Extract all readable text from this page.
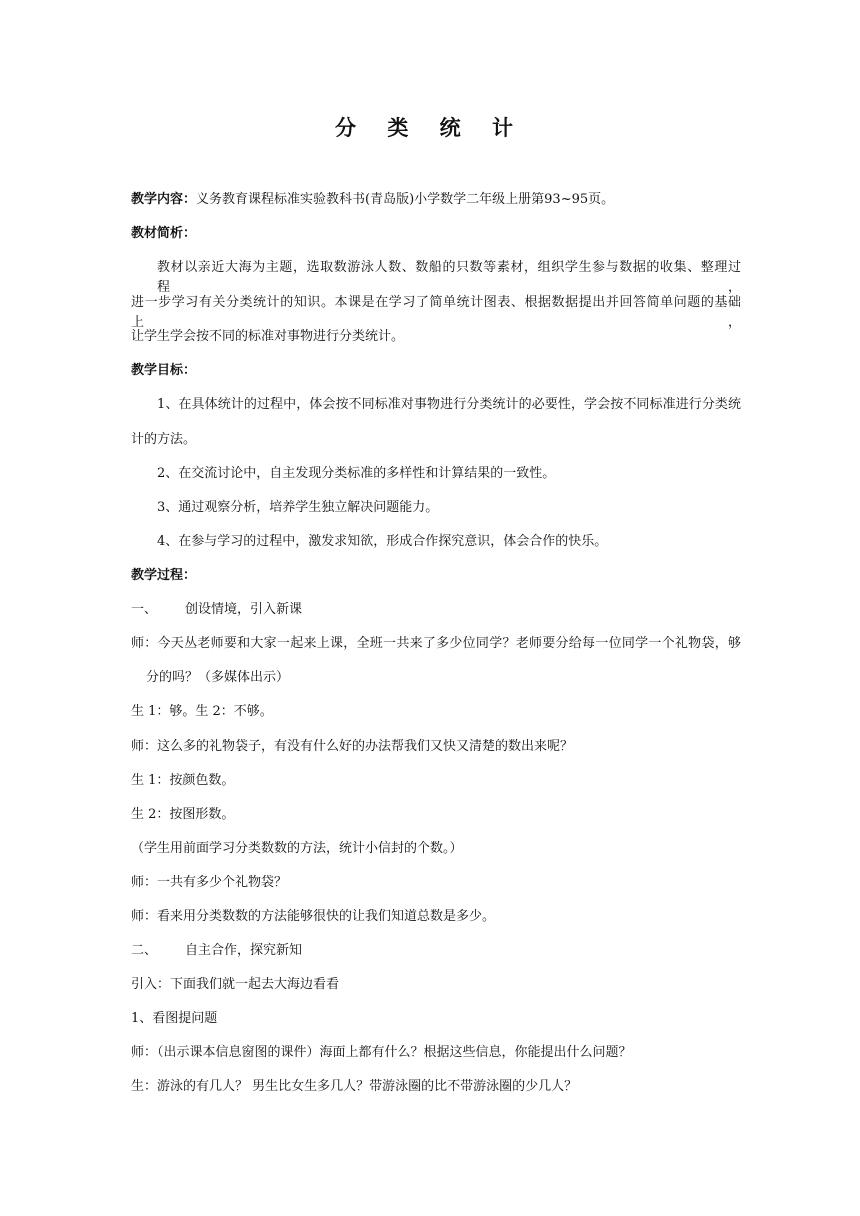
分 类 统 计
教学内容：义务教育课程标准实验教科书(青岛版)小学数学二年级上册第93~95页。
教材简析：
教材以亲近大海为主题，选取数游泳人数、数船的只数等素材，组织学生参与数据的收集、整理过程，
进一步学习有关分类统计的知识。本课是在学习了简单统计图表、根据数据提出并回答简单问题的基础上，
让学生学会按不同的标准对事物进行分类统计。
教学目标：
1、在具体统计的过程中，体会按不同标准对事物进行分类统计的必要性，学会按不同标准进行分类统
计的方法。
2、在交流讨论中，自主发现分类标准的多样性和计算结果的一致性。
3、通过观察分析，培养学生独立解决问题能力。
4、在参与学习的过程中，激发求知欲，形成合作探究意识，体会合作的快乐。
教学过程：
一、 创设情境，引入新课
师：今天丛老师要和大家一起来上课，全班一共来了多少位同学？老师要分给每一位同学一个礼物袋，够
分的吗？（多媒体出示）
生 1：够。生 2：不够。
师：这么多的礼物袋子，有没有什么好的办法帮我们又快又清楚的数出来呢？
生 1：按颜色数。
生 2：按图形数。
（学生用前面学习分类数数的方法，统计小信封的个数。）
师：一共有多少个礼物袋？
师：看来用分类数数的方法能够很快的让我们知道总数是多少。
二、 自主合作，探究新知
引入：下面我们就一起去大海边看看
1、看图提问题
师：（出示课本信息窗图的课件）海面上都有什么？根据这些信息，你能提出什么问题？
生：游泳的有几人？ 男生比女生多几人？带游泳圈的比不带游泳圈的少几人？
